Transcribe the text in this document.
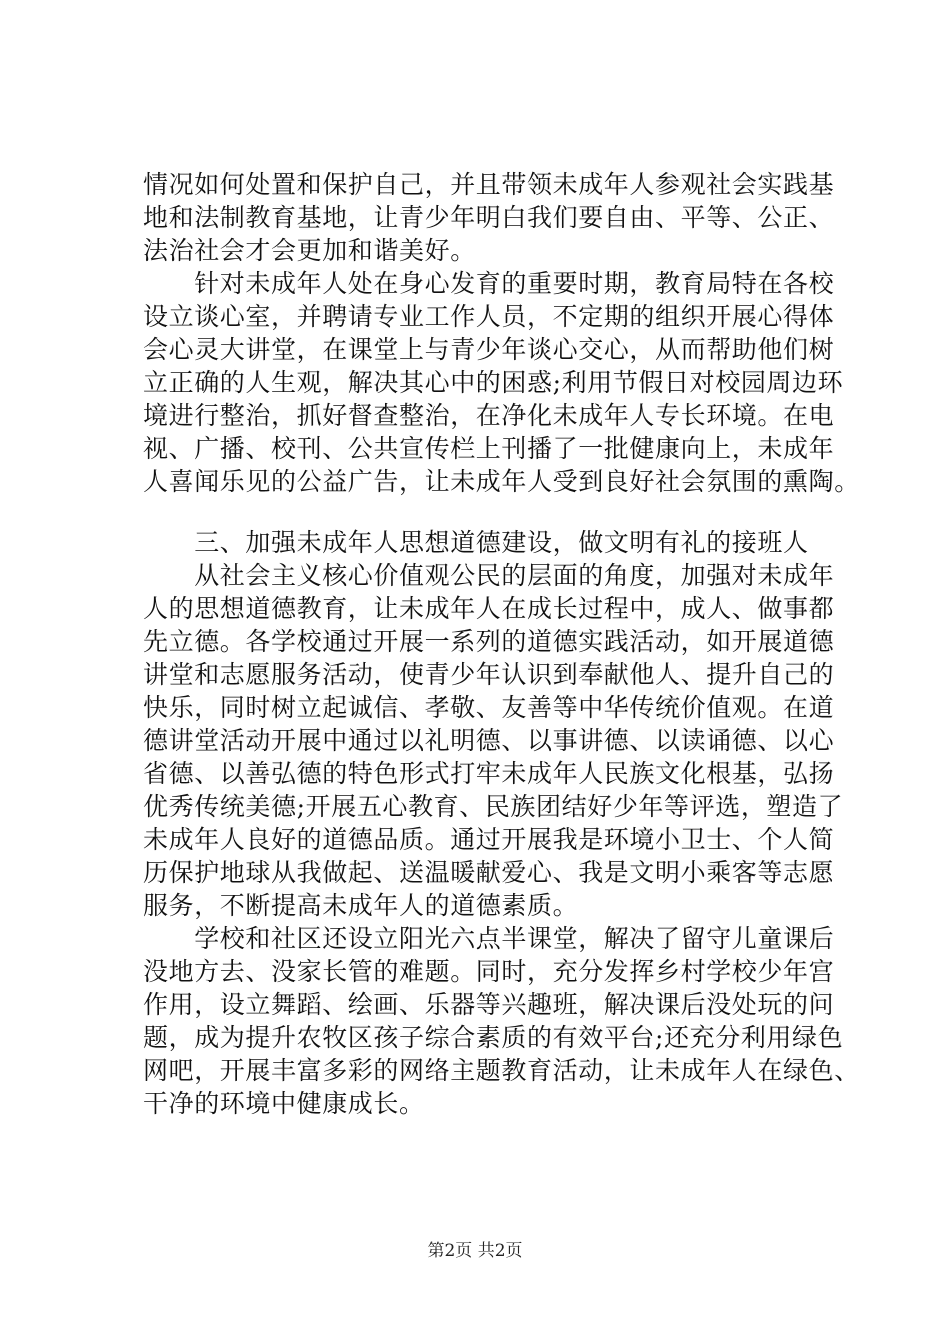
情况如何处置和保护自己，并且带领未成年人参观社会实践基
地和法制教育基地，让青少年明白我们要自由、平等、公正、
法治社会才会更加和谐美好。
　　针对未成年人处在身心发育的重要时期，教育局特在各校
设立谈心室，并聘请专业工作人员，不定期的组织开展心得体
会心灵大讲堂，在课堂上与青少年谈心交心，从而帮助他们树
立正确的人生观，解决其心中的困惑;利用节假日对校园周边环
境进行整治，抓好督查整治，在净化未成年人专长环境。在电
视、广播、校刊、公共宣传栏上刊播了一批健康向上，未成年
人喜闻乐见的公益广告，让未成年人受到良好社会氛围的熏陶。
　　三、加强未成年人思想道德建设，做文明有礼的接班人
　　从社会主义核心价值观公民的层面的角度，加强对未成年
人的思想道德教育，让未成年人在成长过程中，成人、做事都
先立德。各学校通过开展一系列的道德实践活动，如开展道德
讲堂和志愿服务活动，使青少年认识到奉献他人、提升自己的
快乐，同时树立起诚信、孝敬、友善等中华传统价值观。在道
德讲堂活动开展中通过以礼明德、以事讲德、以读诵德、以心
省德、以善弘德的特色形式打牢未成年人民族文化根基，弘扬
优秀传统美德;开展五心教育、民族团结好少年等评选，塑造了
未成年人良好的道德品质。通过开展我是环境小卫士、个人简
历保护地球从我做起、送温暖献爱心、我是文明小乘客等志愿
服务，不断提高未成年人的道德素质。
　　学校和社区还设立阳光六点半课堂，解决了留守儿童课后
没地方去、没家长管的难题。同时，充分发挥乡村学校少年宫
作用，设立舞蹈、绘画、乐器等兴趣班，解决课后没处玩的问
题，成为提升农牧区孩子综合素质的有效平台;还充分利用绿色
网吧，开展丰富多彩的网络主题教育活动，让未成年人在绿色、
干净的环境中健康成长。
第2页 共2页
